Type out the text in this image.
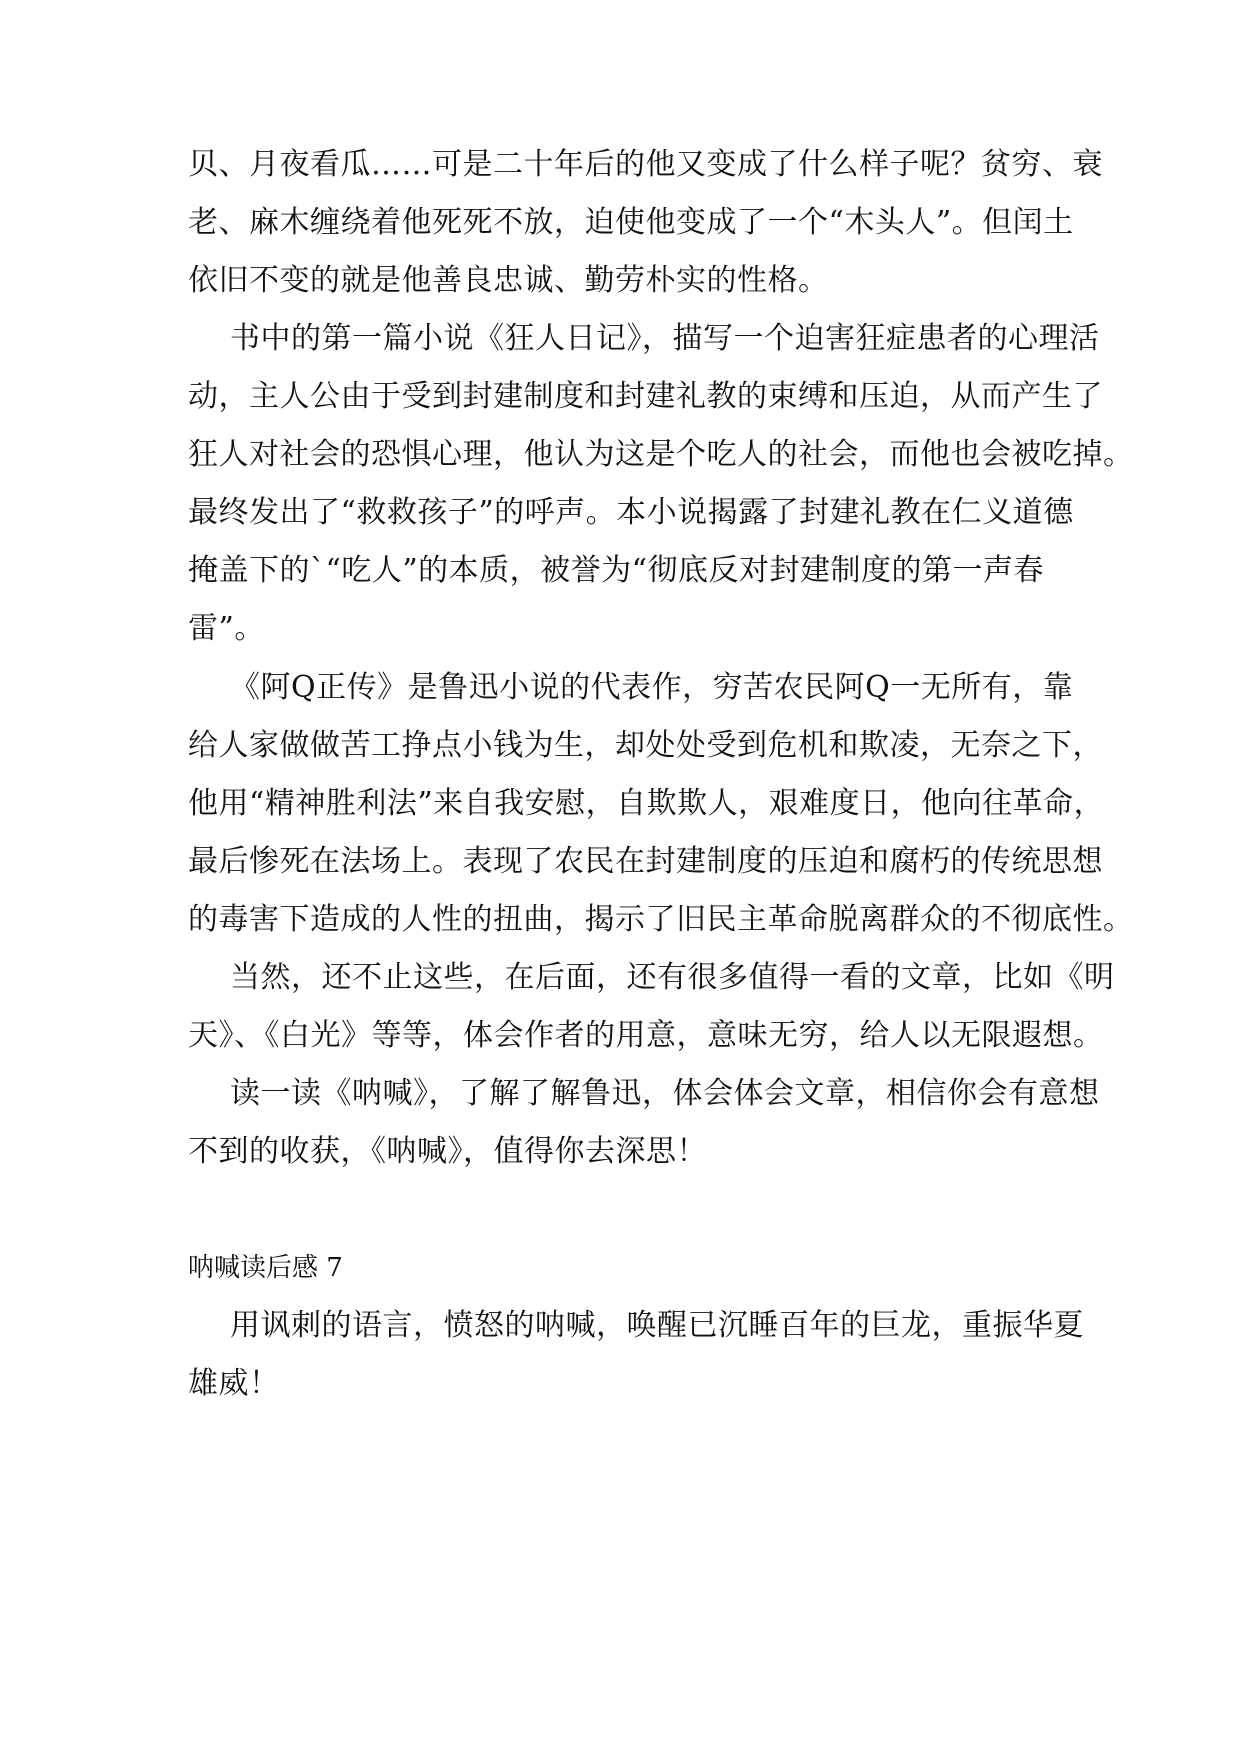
贝、月夜看瓜……可是二十年后的他又变成了什么样子呢？贫穷、衰
老、麻木缠绕着他死死不放，迫使他变成了一个“木头人”。但闰土
依旧不变的就是他善良忠诚、勤劳朴实的性格。
书中的第一篇小说《狂人日记》，描写一个迫害狂症患者的心理活
动，主人公由于受到封建制度和封建礼教的束缚和压迫，从而产生了
狂人对社会的恐惧心理，他认为这是个吃人的社会，而他也会被吃掉。
最终发出了“救救孩子”的呼声。本小说揭露了封建礼教在仁义道德
掩盖下的`“吃人”的本质，被誉为“彻底反对封建制度的第一声春
雷”。
《阿Q正传》是鲁迅小说的代表作，穷苦农民阿Q一无所有，靠
给人家做做苦工挣点小钱为生，却处处受到危机和欺凌，无奈之下，
他用“精神胜利法”来自我安慰，自欺欺人，艰难度日，他向往革命，
最后惨死在法场上。表现了农民在封建制度的压迫和腐朽的传统思想
的毒害下造成的人性的扭曲，揭示了旧民主革命脱离群众的不彻底性。
当然，还不止这些，在后面，还有很多值得一看的文章，比如《明
天》、《白光》等等，体会作者的用意，意味无穷，给人以无限遐想。
读一读《呐喊》，了解了解鲁迅，体会体会文章，相信你会有意想
不到的收获，《呐喊》，值得你去深思！
呐喊读后感 7
用讽刺的语言，愤怒的呐喊，唤醒已沉睡百年的巨龙，重振华夏
雄威！
